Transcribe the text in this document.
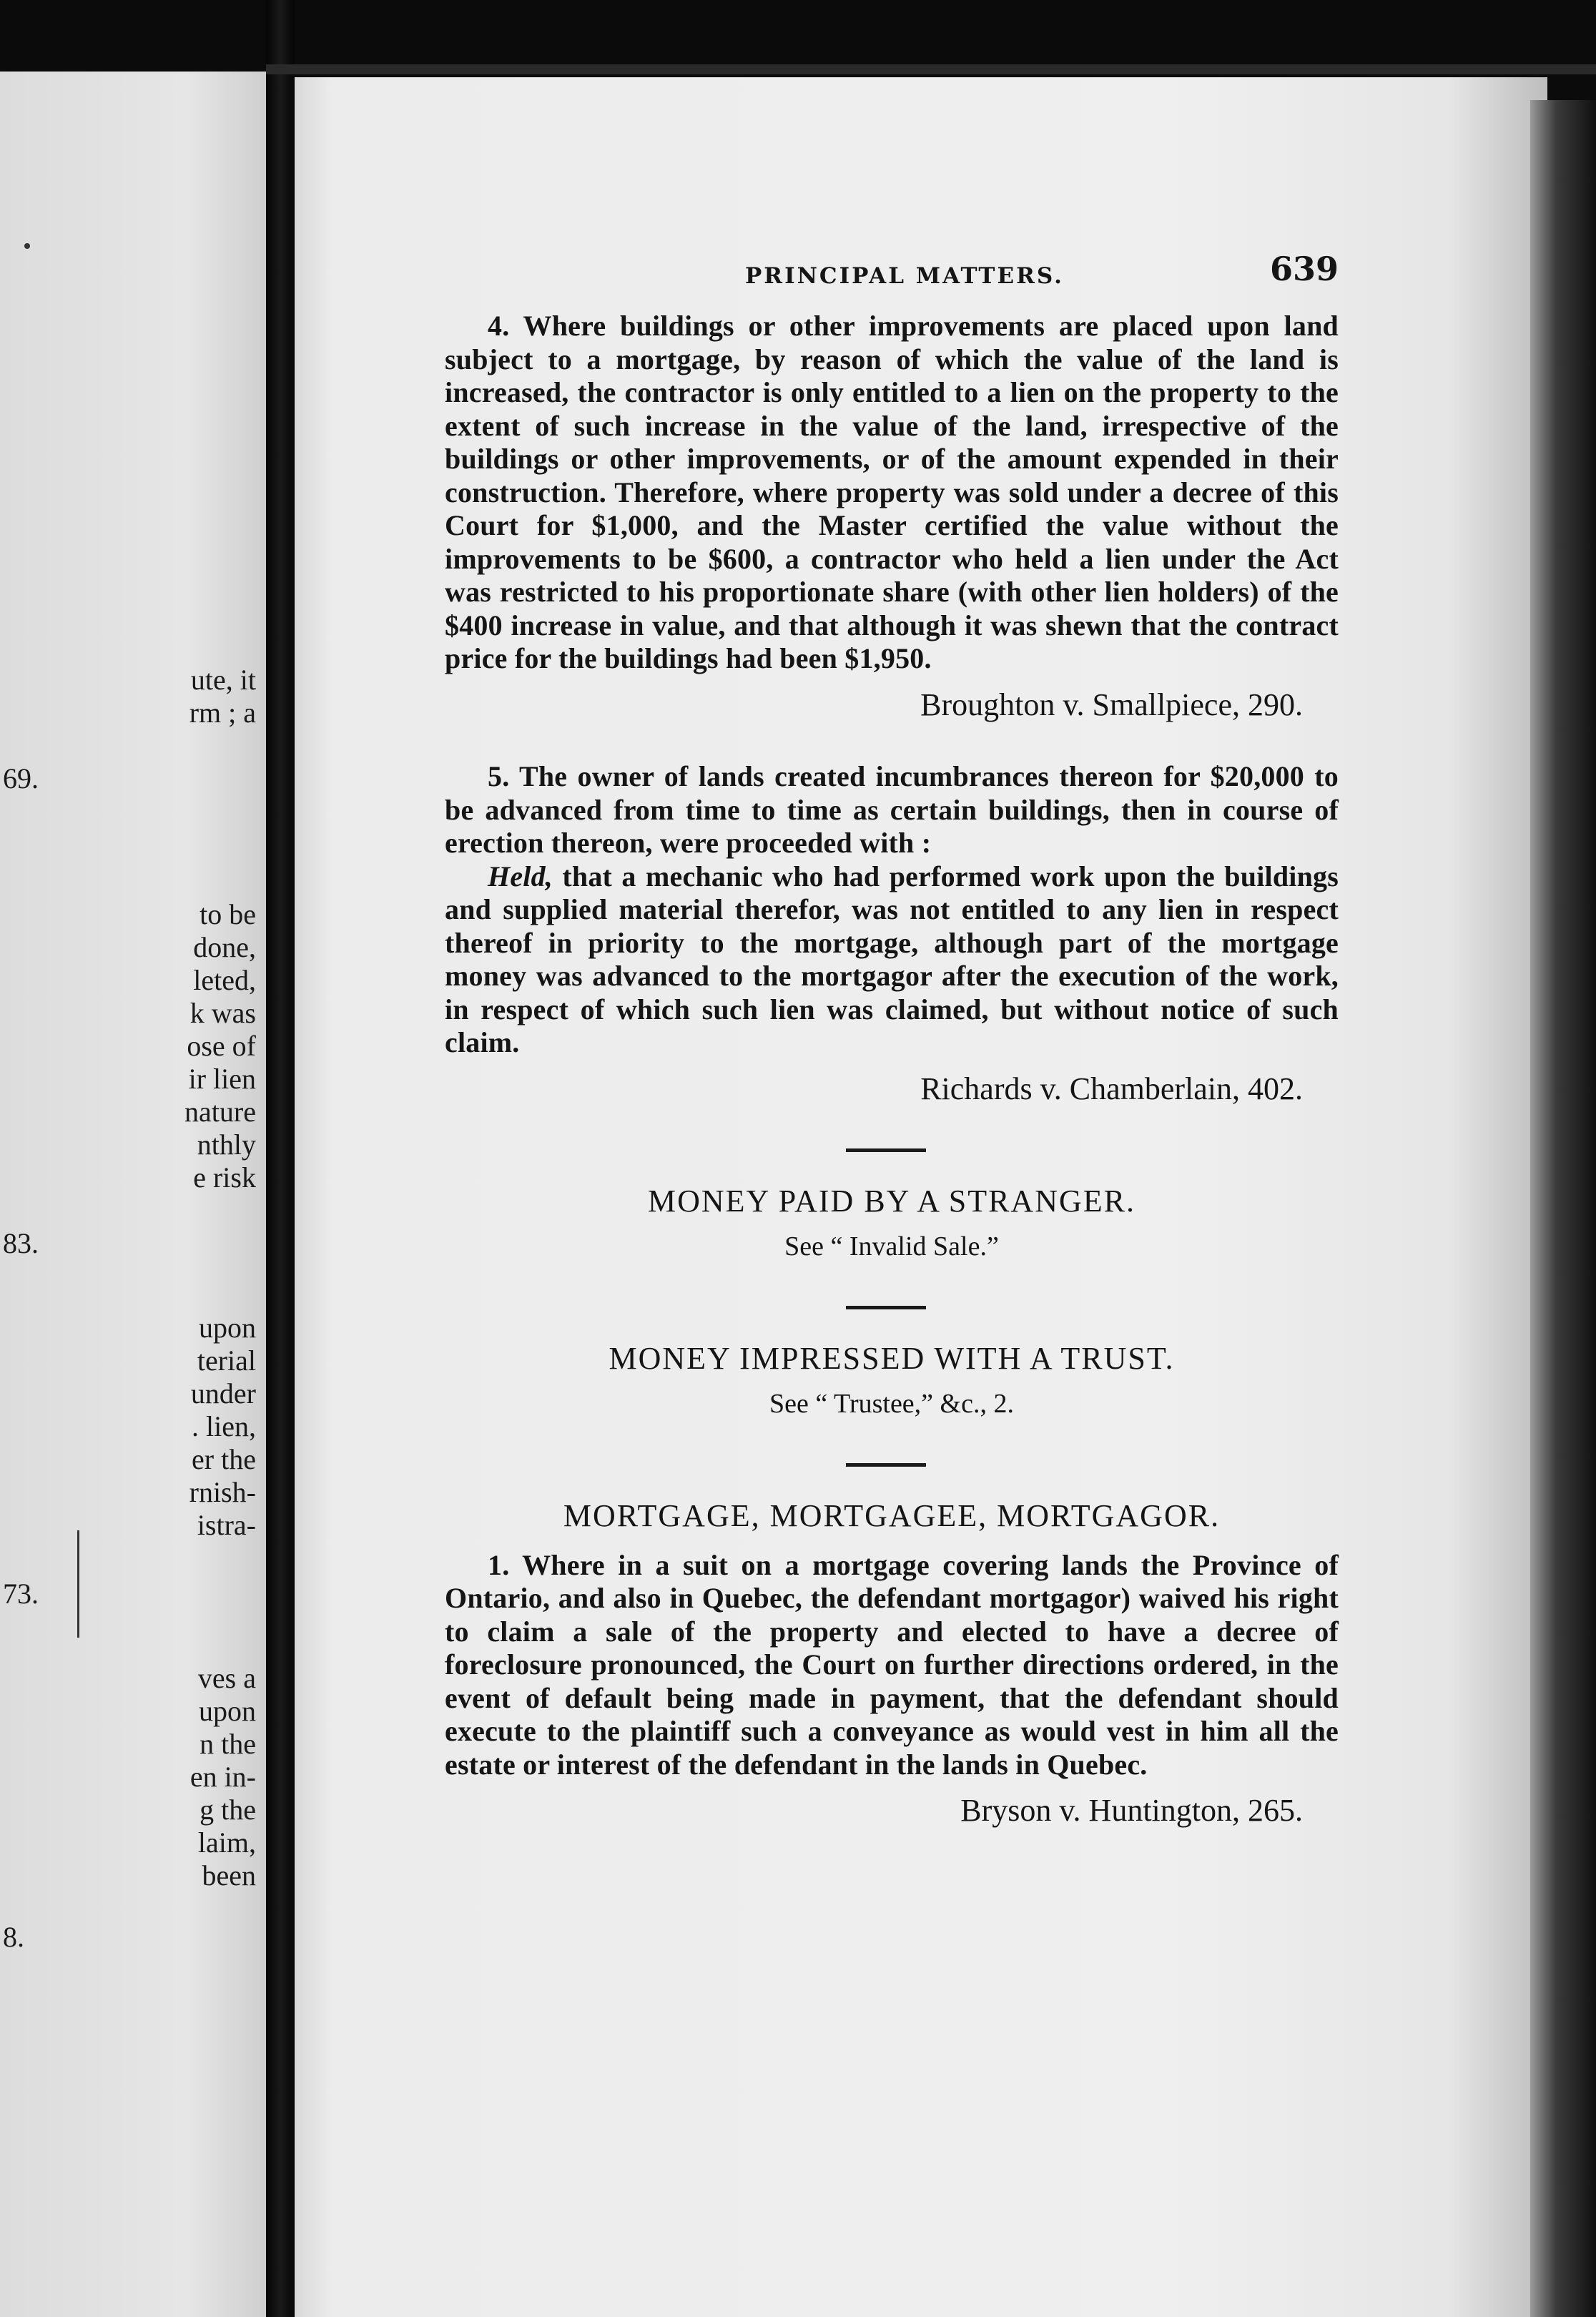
ute, it
rm ; a
69.
to be
done,
leted,
k was
ose of
ir lien
nature
nthly
e risk
83.
upon
terial
under
. lien,
er the
rnish-
istra-
73.
ves a
upon
n the
en in-
g the
laim,
been
8.
PRINCIPAL MATTERS.	639

4. Where buildings or other improvements are placed upon land subject to a mortgage, by reason of which the value of the land is increased, the contractor is only entitled to a lien on the property to the extent of such increase in the value of the land, irrespective of the buildings or other improvements, or of the amount expended in their construction. Therefore, where property was sold under a decree of this Court for $1,000, and the Master certified the value without the improvements to be $600, a contractor who held a lien under the Act was restricted to his proportionate share (with other lien holders) of the $400 increase in value, and that although it was shewn that the contract price for the buildings had been $1,950.

Broughton v. Smallpiece, 290.

5. The owner of lands created incumbrances thereon for $20,000 to be advanced from time to time as certain buildings, then in course of erection thereon, were proceeded with :

Held, that a mechanic who had performed work upon the buildings and supplied material therefor, was not entitled to any lien in respect thereof in priority to the mortgage, although part of the mortgage money was advanced to the mortgagor after the execution of the work, in respect of which such lien was claimed, but without notice of such claim.

Richards v. Chamberlain, 402.

MONEY PAID BY A STRANGER.

See “ Invalid Sale.”

MONEY IMPRESSED WITH A TRUST.

See “ Trustee,” &c., 2.

MORTGAGE, MORTGAGEE, MORTGAGOR.

1. Where in a suit on a mortgage covering lands the Province of Ontario, and also in Quebec, the defendant mortgagor) waived his right to claim a sale of the property and elected to have a decree of foreclosure pronounced, the Court on further directions ordered, in the event of default being made in payment, that the defendant should execute to the plaintiff such a conveyance as would vest in him all the estate or interest of the defendant in the lands in Quebec.

Bryson v. Huntington, 265.
